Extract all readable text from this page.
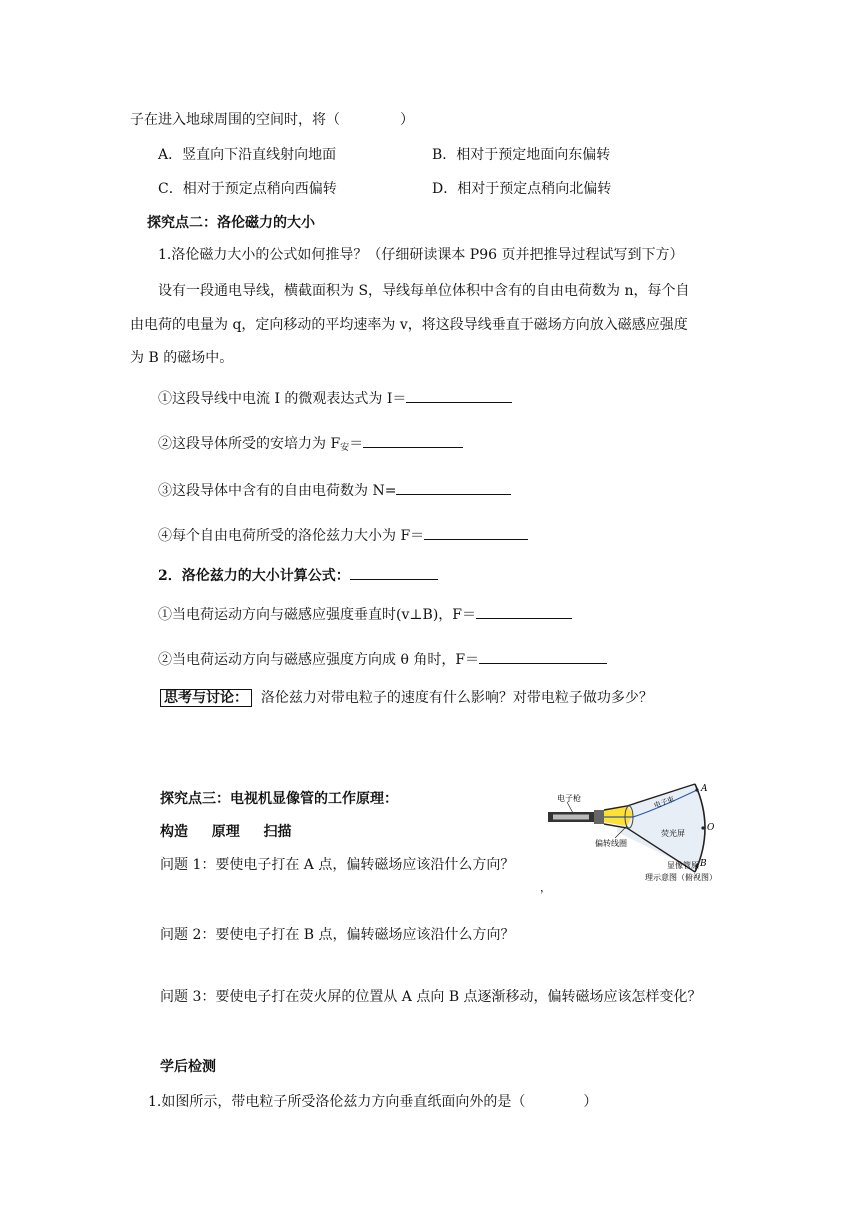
子在进入地球周围的空间时，将（	）
A．竖直向下沿直线射向地面	B．相对于预定地面向东偏转
C．相对于预定点稍向西偏转	D．相对于预定点稍向北偏转
探究点二：洛伦磁力的大小
1.洛伦磁力大小的公式如何推导？（仔细研读课本 P96 页并把推导过程试写到下方）
设有一段通电导线，横截面积为 S，导线每单位体积中含有的自由电荷数为 n，每个自
由电荷的电量为 q，定向移动的平均速率为 v，将这段导线垂直于磁场方向放入磁感应强度
为 B 的磁场中。
①这段导线中电流 I 的微观表达式为 I＝
②这段导体所受的安培力为 $F_安=$
③这段导体中含有的自由电荷数为 N=
④每个自由电荷所受的洛伦兹力大小为 F＝
2．洛伦兹力的大小计算公式：
①当电荷运动方向与磁感应强度垂直时(v⊥B)，F＝
②当电荷运动方向与磁感应强度方向成 θ 角时，F＝
思考与讨论： 洛伦兹力对带电粒子的速度有什么影响？对带电粒子做功多少？
探究点三：电视机显像管的工作原理：
构造　  原理　  扫描
问题 1：要使电子打在 A 点，偏转磁场应该沿什么方向？
，
问题 2：要使电子打在 B 点，偏转磁场应该沿什么方向？
问题 3：要使电子打在荧火屏的位置从 A 点向 B 点逐渐移动，偏转磁场应该怎样变化？
电子枪	电子束
荧光屏
偏转线圈
显像管原
理示意图（俯视图）
A
O
B
学后检测
1.如图所示，带电粒子所受洛伦兹力方向垂直纸面向外的是（	）
